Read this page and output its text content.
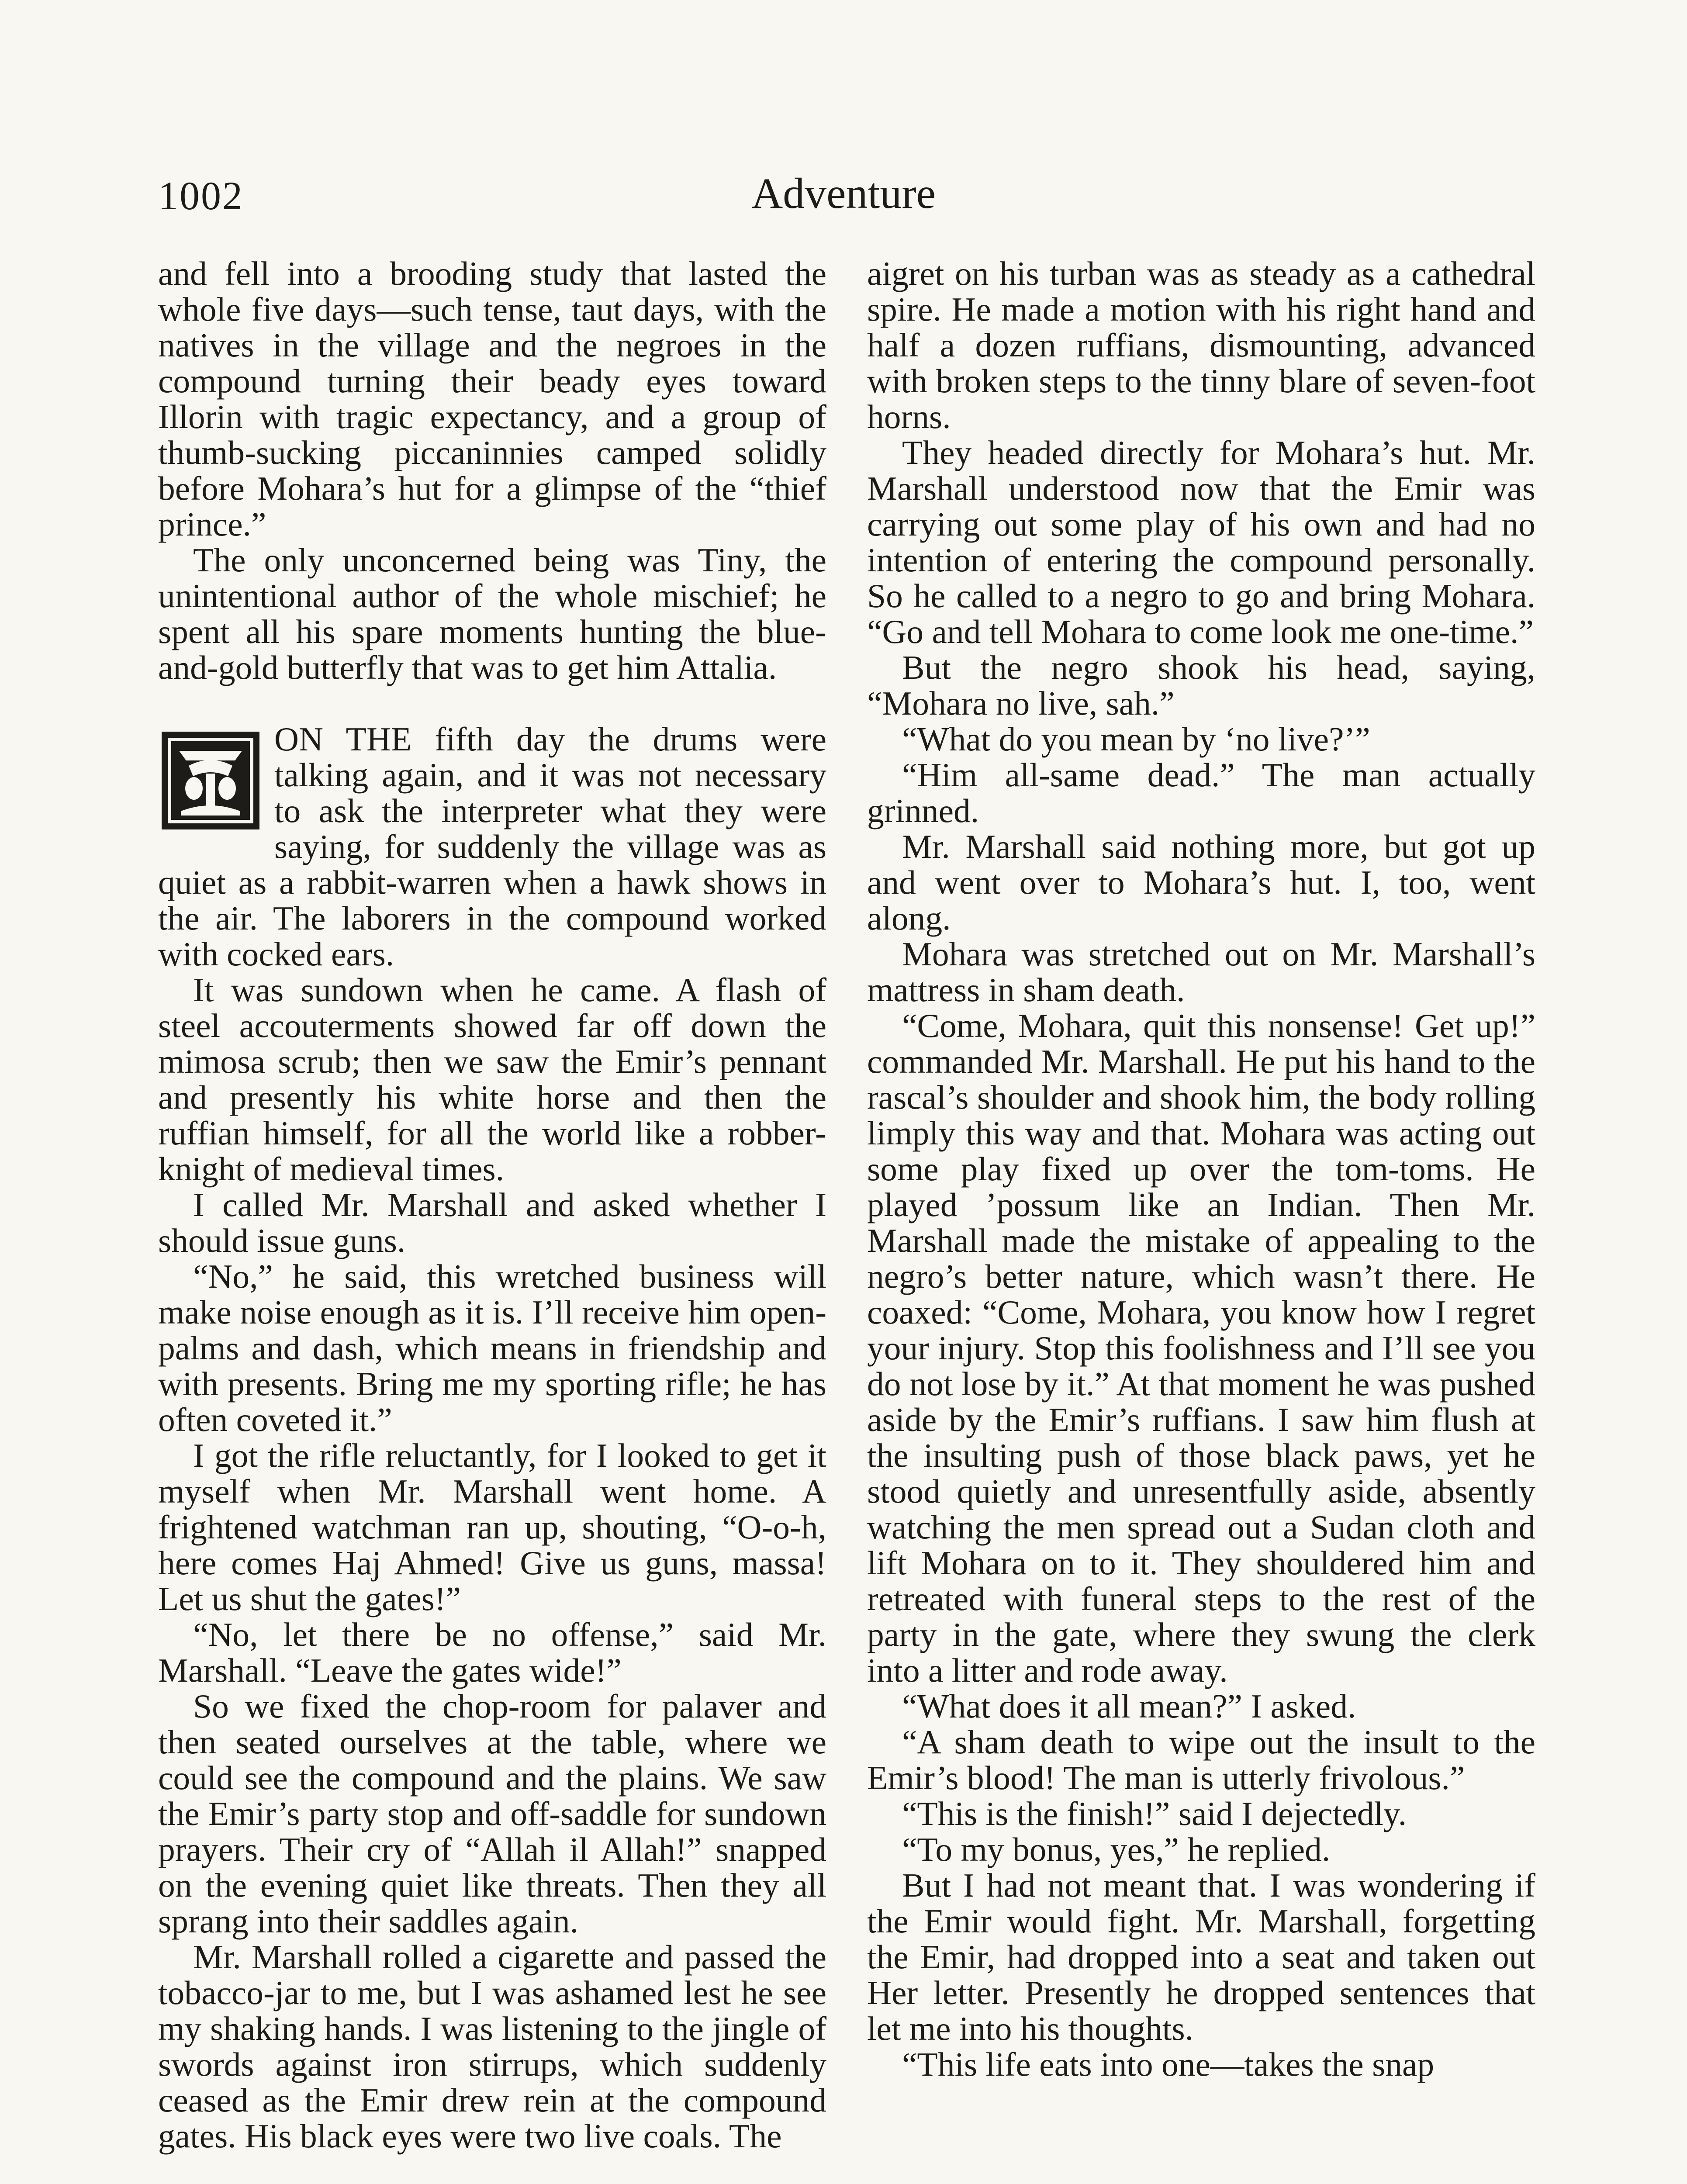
1002	Adventure

and fell into a brooding study that lasted the whole five days—such tense, taut days, with the natives in the village and the negroes in the compound turning their beady eyes toward Illorin with tragic expectancy, and a group of thumb-sucking piccaninnies camped solidly before Mohara’s hut for a glimpse of the “thief prince.”

The only unconcerned being was Tiny, the unintentional author of the whole mischief; he spent all his spare moments hunting the blue-and-gold butterfly that was to get him Attalia.

ON THE fifth day the drums were talking again, and it was not necessary to ask the interpreter what they were saying, for suddenly the village was as quiet as a rabbit-warren when a hawk shows in the air. The laborers in the compound worked with cocked ears.

It was sundown when he came. A flash of steel accouterments showed far off down the mimosa scrub; then we saw the Emir’s pennant and presently his white horse and then the ruffian himself, for all the world like a robber-knight of medieval times.

I called Mr. Marshall and asked whether I should issue guns.

“No,” he said, this wretched business will make noise enough as it is. I’ll receive him open-palms and dash, which means in friendship and with presents. Bring me my sporting rifle; he has often coveted it.”

I got the rifle reluctantly, for I looked to get it myself when Mr. Marshall went home. A frightened watchman ran up, shouting, “O-o-h, here comes Haj Ahmed! Give us guns, massa! Let us shut the gates!”

“No, let there be no offense,” said Mr. Marshall. “Leave the gates wide!”

So we fixed the chop-room for palaver and then seated ourselves at the table, where we could see the compound and the plains. We saw the Emir’s party stop and off-saddle for sundown prayers. Their cry of “Allah il Allah!” snapped on the evening quiet like threats. Then they all sprang into their saddles again.

Mr. Marshall rolled a cigarette and passed the tobacco-jar to me, but I was ashamed lest he see my shaking hands. I was listening to the jingle of swords against iron stirrups, which suddenly ceased as the Emir drew rein at the compound gates. His black eyes were two live coals. The

aigret on his turban was as steady as a cathedral spire. He made a motion with his right hand and half a dozen ruffians, dismounting, advanced with broken steps to the tinny blare of seven-foot horns.

They headed directly for Mohara’s hut. Mr. Marshall understood now that the Emir was carrying out some play of his own and had no intention of entering the compound personally. So he called to a negro to go and bring Mohara. “Go and tell Mohara to come look me one-time.”

But the negro shook his head, saying, “Mohara no live, sah.”

“What do you mean by ‘no live?’”

“Him all-same dead.” The man actually grinned.

Mr. Marshall said nothing more, but got up and went over to Mohara’s hut. I, too, went along.

Mohara was stretched out on Mr. Marshall’s mattress in sham death.

“Come, Mohara, quit this nonsense! Get up!” commanded Mr. Marshall. He put his hand to the rascal’s shoulder and shook him, the body rolling limply this way and that. Mohara was acting out some play fixed up over the tom-toms. He played ’possum like an Indian. Then Mr. Marshall made the mistake of appealing to the negro’s better nature, which wasn’t there. He coaxed: “Come, Mohara, you know how I regret your injury. Stop this foolishness and I’ll see you do not lose by it.” At that moment he was pushed aside by the Emir’s ruffians. I saw him flush at the insulting push of those black paws, yet he stood quietly and unresentfully aside, absently watching the men spread out a Sudan cloth and lift Mohara on to it. They shouldered him and retreated with funeral steps to the rest of the party in the gate, where they swung the clerk into a litter and rode away.

“What does it all mean?” I asked.

“A sham death to wipe out the insult to the Emir’s blood! The man is utterly frivolous.”

“This is the finish!” said I dejectedly.

“To my bonus, yes,” he replied.

But I had not meant that. I was wondering if the Emir would fight. Mr. Marshall, forgetting the Emir, had dropped into a seat and taken out Her letter. Presently he dropped sentences that let me into his thoughts.

“This life eats into one—takes the snap
